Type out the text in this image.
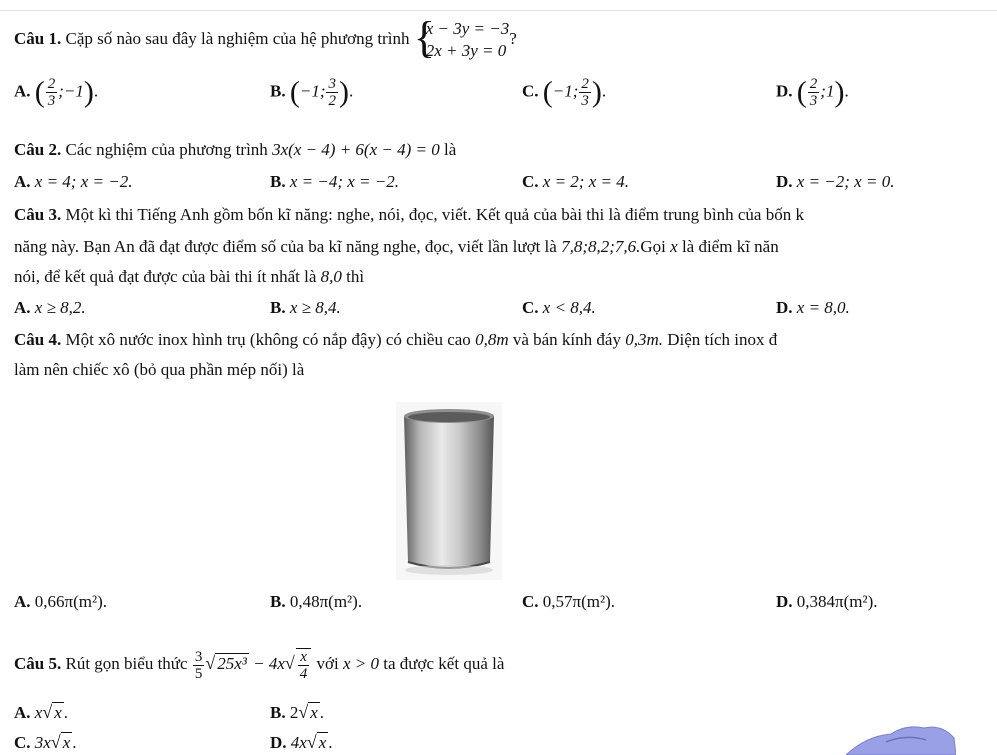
Câu 1. Cặp số nào sau đây là nghiệm của hệ phương trình {
x − 3y = −3
2x + 3y = 0
?
A. ( $\frac{2}{3}$ ;−1).	B. (−1; $\frac{3}{2}$ ).	C. (−1; $\frac{2}{3}$ ).	D. ( $\frac{2}{3}$ ;1).
Câu 2. Các nghiệm của phương trình 3x(x − 4) + 6(x − 4) = 0 là
A. x = 4; x = −2.	B. x = −4; x = −2.	C. x = 2; x = 4.	D. x = −2; x = 0.
Câu 3. Một kì thi Tiếng Anh gồm bốn kĩ năng: nghe, nói, đọc, viết. Kết quả của bài thi là điểm trung bình của bốn k
năng này. Bạn An đã đạt được điểm số của ba kĩ năng nghe, đọc, viết lần lượt là 7,8;8,2;7,6.Gọi x là điểm kĩ năn
nói, để kết quả đạt được của bài thi ít nhất là 8,0 thì
A. x ≥ 8,2.	B. x ≥ 8,4.	C. x < 8,4.	D. x = 8,0.
Câu 4. Một xô nước inox hình trụ (không có nắp đậy) có chiều cao 0,8m và bán kính đáy 0,3m. Diện tích inox đ
làm nên chiếc xô (bỏ qua phần mép nối) là
A. 0,66π(m²).	B. 0,48π(m²).	C. 0,57π(m²).	D. 0,384π(m²).
Câu 5. Rút gọn biểu thức $\frac{3}{5}$ √ $25x^3 - 4x√ \frac{x}{4}$ với x > 0 ta được kết quả là
A. x√ x .	B. 2√ x .
C. 3x√ x .	D. 4x√ x .
